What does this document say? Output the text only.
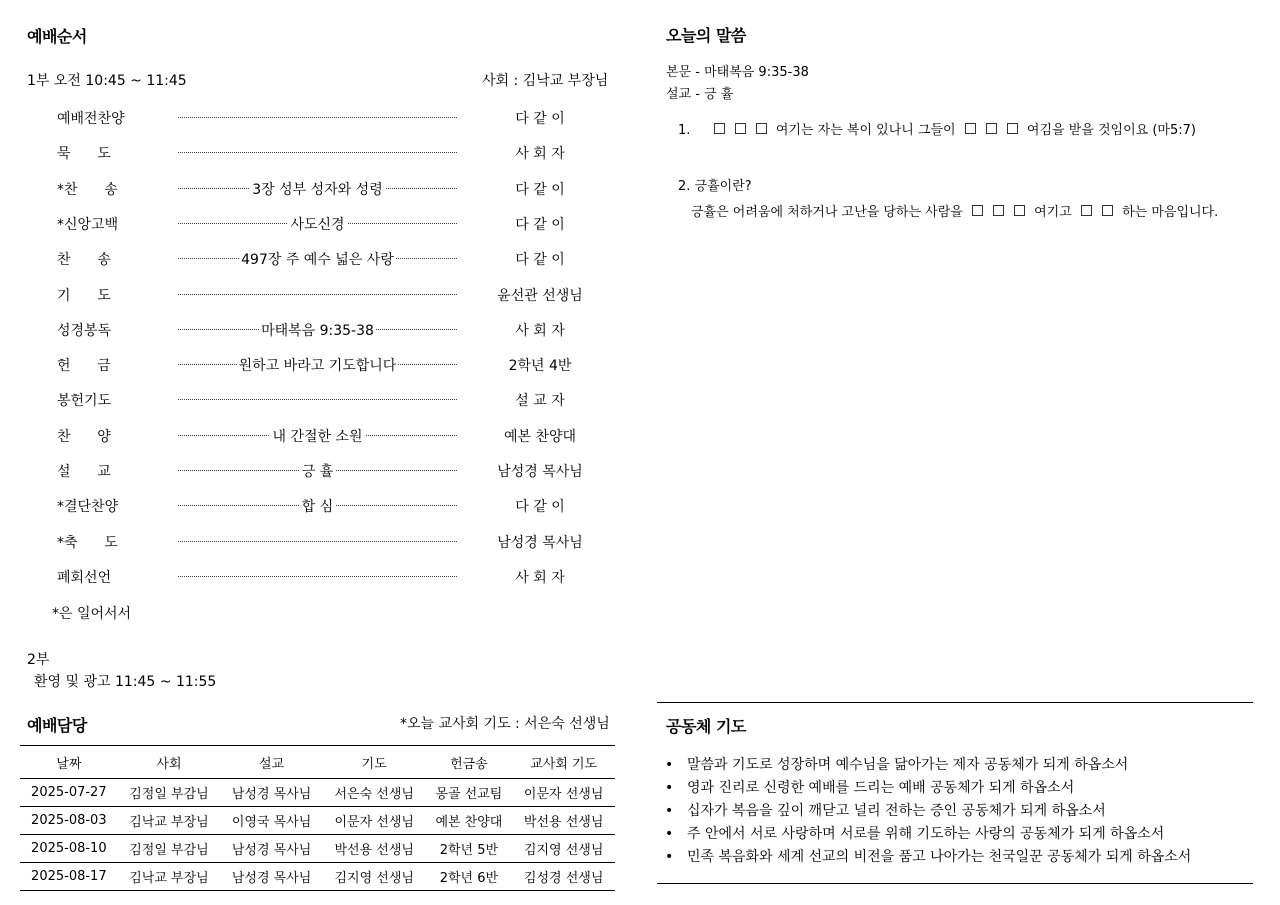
예배순서
1부 오전 10:45 ~ 11:45	사회 : 김낙교 부장님
예배전찬양	다 같 이
묵      도	사 회 자
*찬      송	3장 성부 성자와 성령	다 같 이
*신앙고백	사도신경	다 같 이
찬      송	497장 주 예수 넓은 사랑	다 같 이
기      도	윤선관 선생님
성경봉독	마태복음 9:35-38	사 회 자
헌      금	원하고 바라고 기도합니다	2학년 4반
봉헌기도	설 교 자
찬      양	내 간절한 소원	예본 찬양대
설      교	긍 휼	남성경 목사님
*결단찬양	합 심	다 같 이
*축      도	남성경 목사님
폐회선언	사 회 자
*은 일어서서
2부
환영 및 광고 11:45 ~ 11:55
예배담당	*오늘 교사회 기도 : 서은숙 선생님
날짜	사회	설교	기도	헌금송	교사회 기도
2025-07-27	김정일 부감님	남성경 목사님	서은숙 선생님	몽골 선교팀	이문자 선생님
2025-08-03	김낙교 부장님	이영국 목사님	이문자 선생님	예본 찬양대	박선용 선생님
2025-08-10	김정일 부감님	남성경 목사님	박선용 선생님	2학년 5반	김지영 선생님
2025-08-17	김낙교 부장님	남성경 목사님	김지영 선생님	2학년 6반	김성경 선생님
오늘의 말씀
본문 - 마태복음 9:35-38
설교 - 긍 휼
1.	여기는 자는 복이 있나니 그들이	여김을 받을 것임이요 (마5:7)
2. 긍휼이란?
긍휼은 어려움에 처하거나 고난을 당하는 사람을	여기고	하는 마음입니다.
공동체 기도
• 말씀과 기도로 성장하며 예수님을 닮아가는 제자 공동체가 되게 하옵소서
• 영과 진리로 신령한 예배를 드리는 예배 공동체가 되게 하옵소서
• 십자가 복음을 깊이 깨닫고 널리 전하는 증인 공동체가 되게 하옵소서
• 주 안에서 서로 사랑하며 서로를 위해 기도하는 사랑의 공동체가 되게 하옵소서
• 민족 복음화와 세계 선교의 비전을 품고 나아가는 천국일꾼 공동체가 되게 하옵소서
